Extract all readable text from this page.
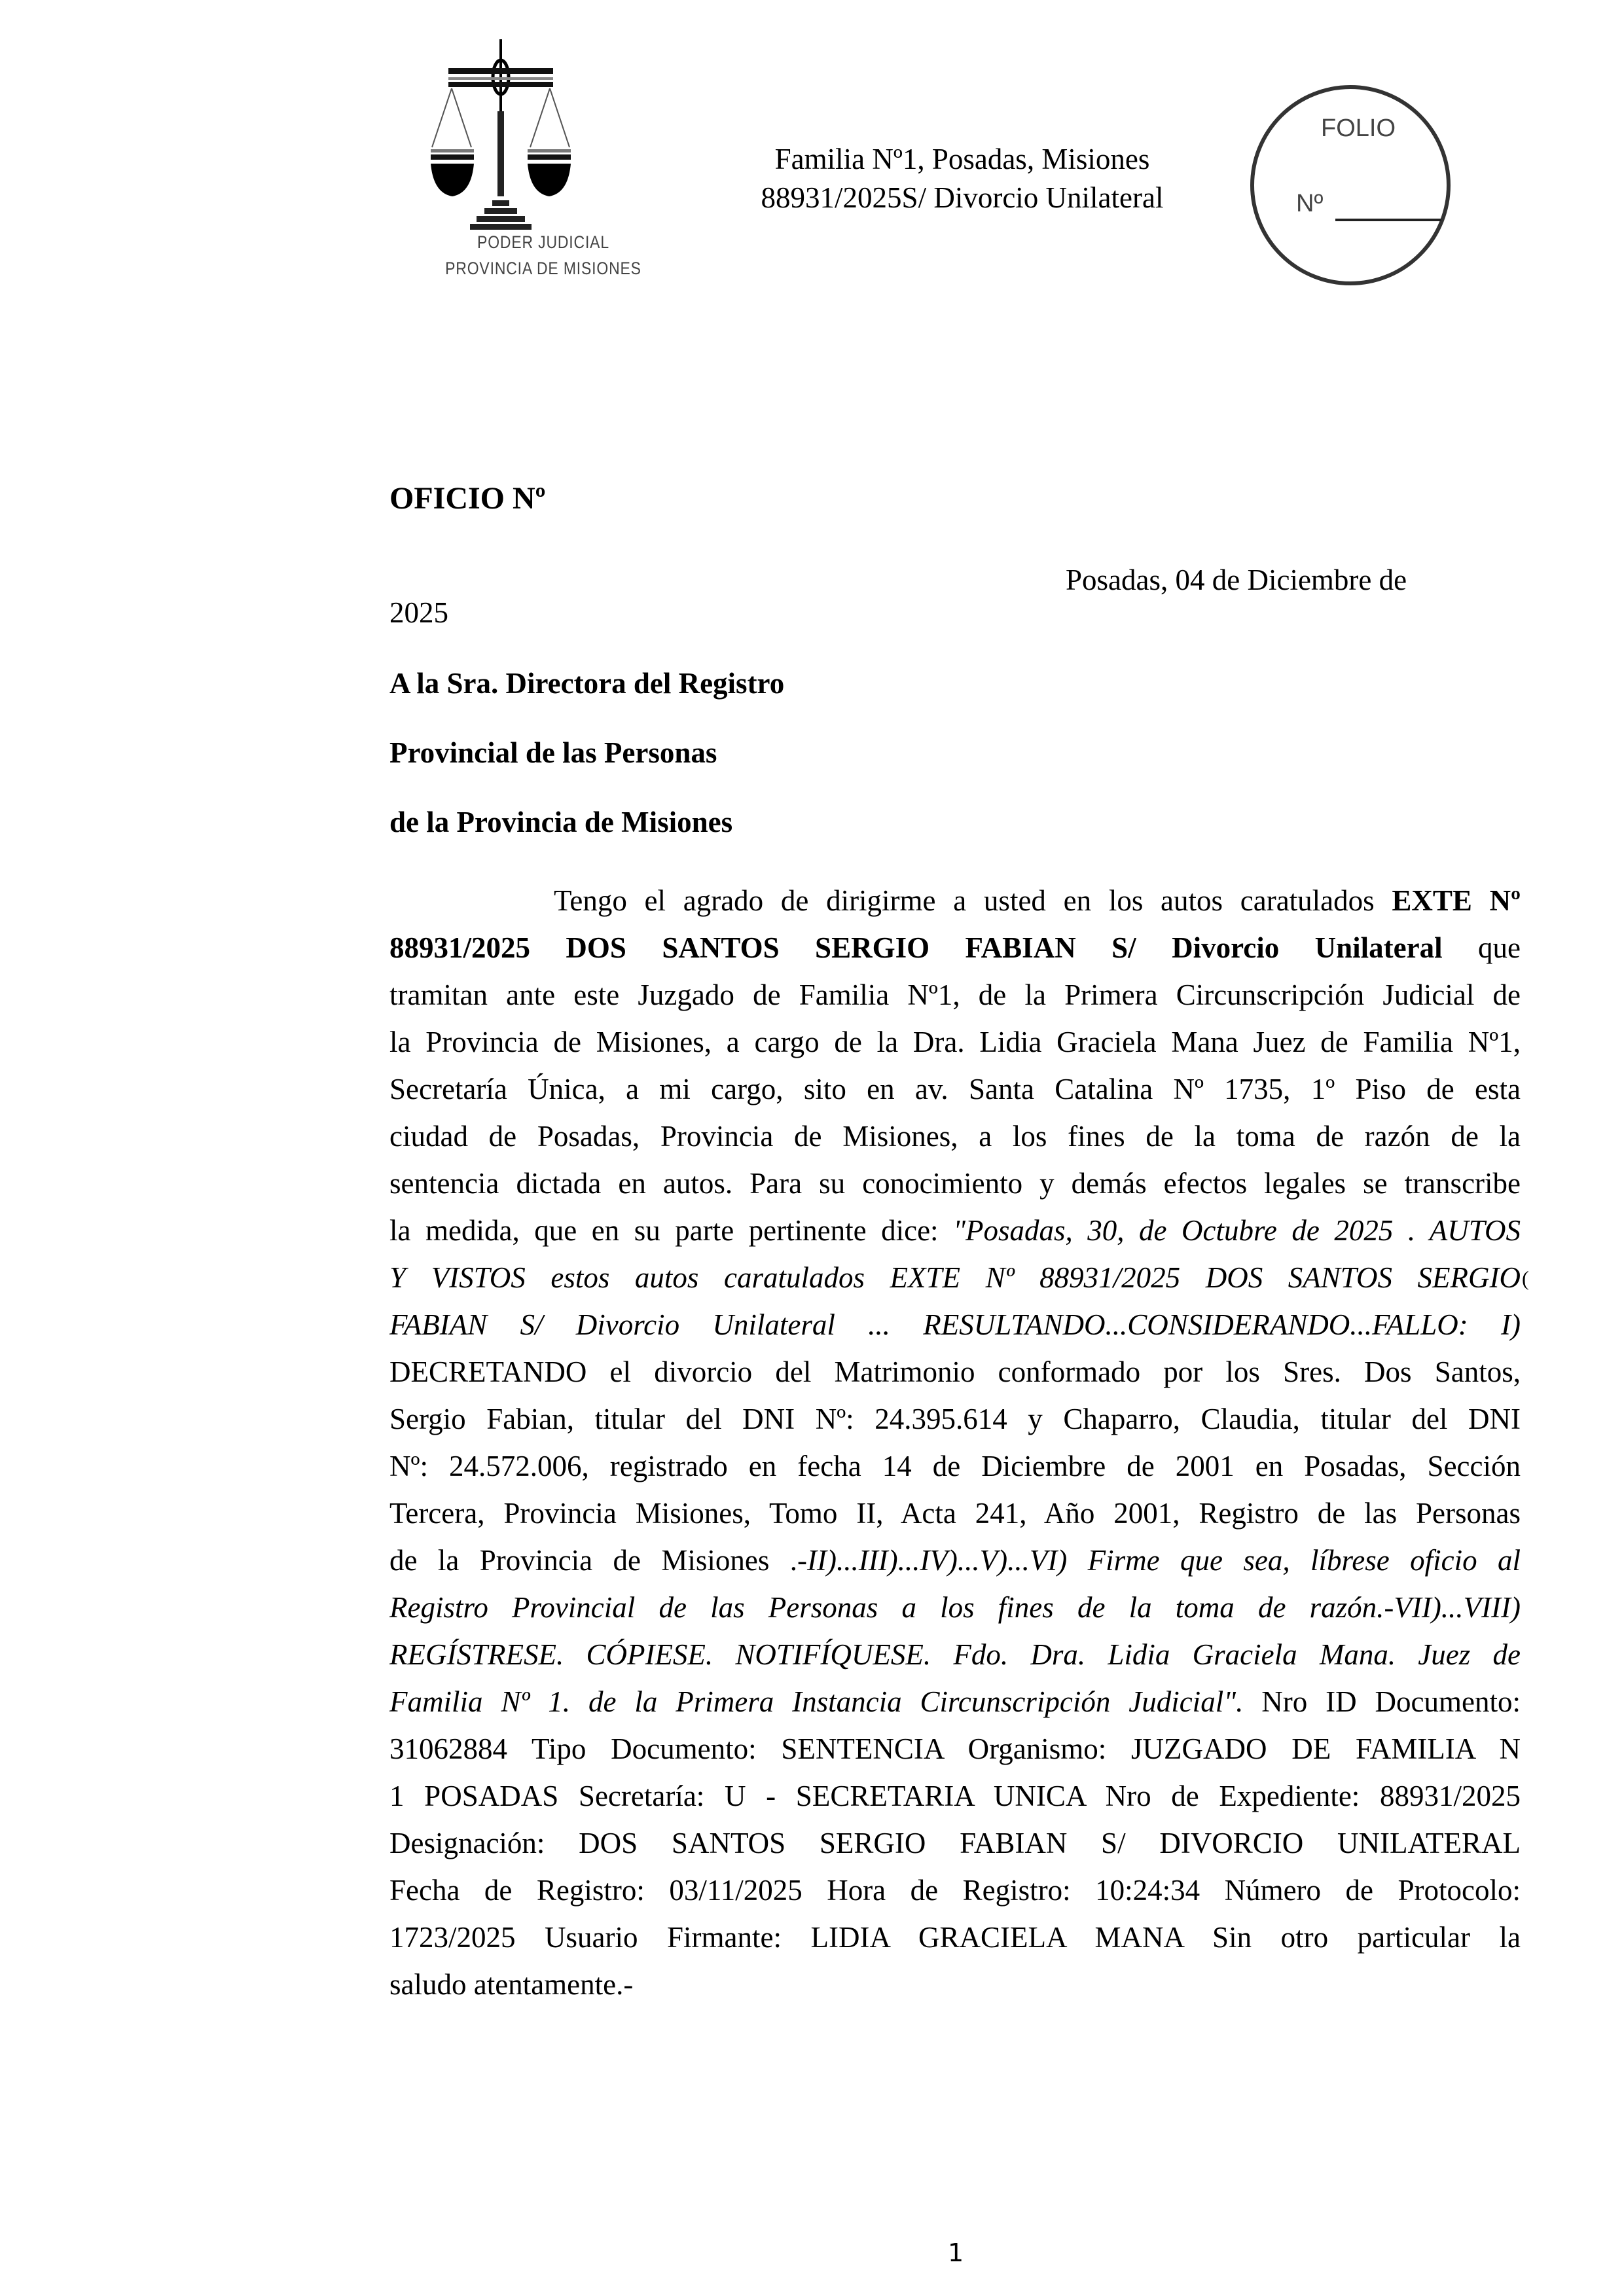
PODER JUDICIAL
PROVINCIA DE MISIONES
Familia Nº1, Posadas, Misiones
88931/2025S/ Divorcio Unilateral
FOLIO
Nº
OFICIO Nº
Posadas, 04 de Diciembre de
2025
A la Sra. Directora del Registro
Provincial de las Personas
de la Provincia de Misiones
Tengo el agrado de dirigirme a usted en los autos caratulados EXTE Nº
88931/2025 DOS SANTOS SERGIO FABIAN S/ Divorcio Unilateral que
tramitan ante este Juzgado de Familia Nº1, de la Primera Circunscripción Judicial de
la Provincia de Misiones, a cargo de la Dra. Lidia Graciela Mana Juez de Familia Nº1,
Secretaría Única, a mi cargo, sito en av. Santa Catalina Nº 1735, 1º Piso de esta
ciudad de Posadas, Provincia de Misiones, a los fines de la toma de razón de la
sentencia dictada en autos. Para su conocimiento y demás efectos legales se transcribe
la medida, que en su parte pertinente dice: "Posadas, 30, de Octubre de 2025 . AUTOS
Y VISTOS estos autos caratulados EXTE Nº 88931/2025 DOS SANTOS SERGIO
FABIAN S/ Divorcio Unilateral ... RESULTANDO...CONSIDERANDO...FALLO: I)
DECRETANDO el divorcio del Matrimonio conformado por los Sres. Dos Santos,
Sergio Fabian, titular del DNI Nº: 24.395.614 y Chaparro, Claudia, titular del DNI
Nº: 24.572.006, registrado en fecha 14 de Diciembre de 2001 en Posadas, Sección
Tercera, Provincia Misiones, Tomo II, Acta 241, Año 2001, Registro de las Personas
de la Provincia de Misiones .-II)...III)...IV)...V)...VI) Firme que sea, líbrese oficio al
Registro Provincial de las Personas a los fines de la toma de razón.-VII)...VIII)
REGÍSTRESE. CÓPIESE. NOTIFÍQUESE. Fdo. Dra. Lidia Graciela Mana. Juez de
Familia Nº 1. de la Primera Instancia Circunscripción Judicial". Nro ID Documento:
31062884 Tipo Documento: SENTENCIA Organismo: JUZGADO DE FAMILIA N
1 POSADAS Secretaría: U - SECRETARIA UNICA Nro de Expediente: 88931/2025
Designación: DOS SANTOS SERGIO FABIAN S/ DIVORCIO UNILATERAL
Fecha de Registro: 03/11/2025 Hora de Registro: 10:24:34 Número de Protocolo:
1723/2025 Usuario Firmante: LIDIA GRACIELA MANA Sin otro particular la
saludo atentamente.-
(
1
